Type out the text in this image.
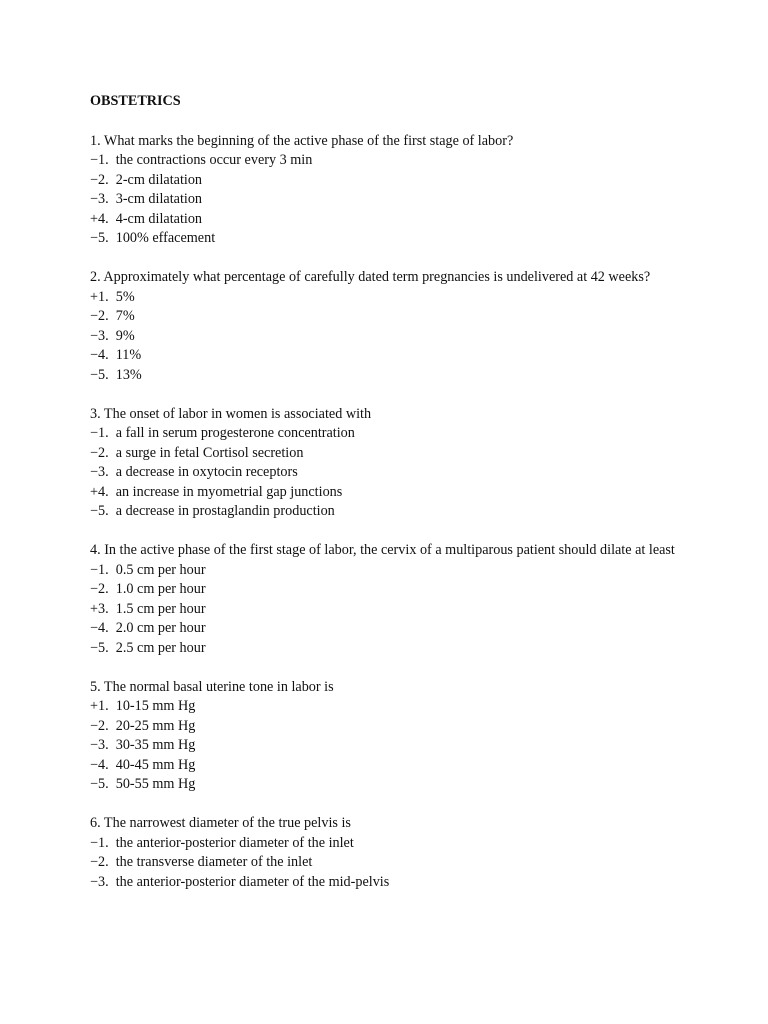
OBSTETRICS
1. What marks the beginning of the active phase of the first stage of labor?
−1.  the contractions occur every 3 min
−2.  2-cm dilatation
−3.  3-cm dilatation
+4.  4-cm dilatation
−5.  100% effacement
2. Approximately what percentage of carefully dated term pregnancies is undelivered at 42 weeks?
+1.  5%
−2.  7%
−3.  9%
−4.  11%
−5.  13%
3. The onset of labor in women is associated with
−1.  a fall in serum progesterone concentration
−2.  a surge in fetal Cortisol secretion
−3.  a decrease in oxytocin receptors
+4.  an increase in myometrial gap junctions
−5.  a decrease in prostaglandin production
4. In the active phase of the first stage of labor, the cervix of a multiparous patient should dilate at least
−1.  0.5 cm per hour
−2.  1.0 cm per hour
+3.  1.5 cm per hour
−4.  2.0 cm per hour
−5.  2.5 cm per hour
5. The normal basal uterine tone in labor is
+1.  10-15 mm Hg
−2.  20-25 mm Hg
−3.  30-35 mm Hg
−4.  40-45 mm Hg
−5.  50-55 mm Hg
6. The narrowest diameter of the true pelvis is
−1.  the anterior-posterior diameter of the inlet
−2.  the transverse diameter of the inlet
−3.  the anterior-posterior diameter of the mid-pelvis
